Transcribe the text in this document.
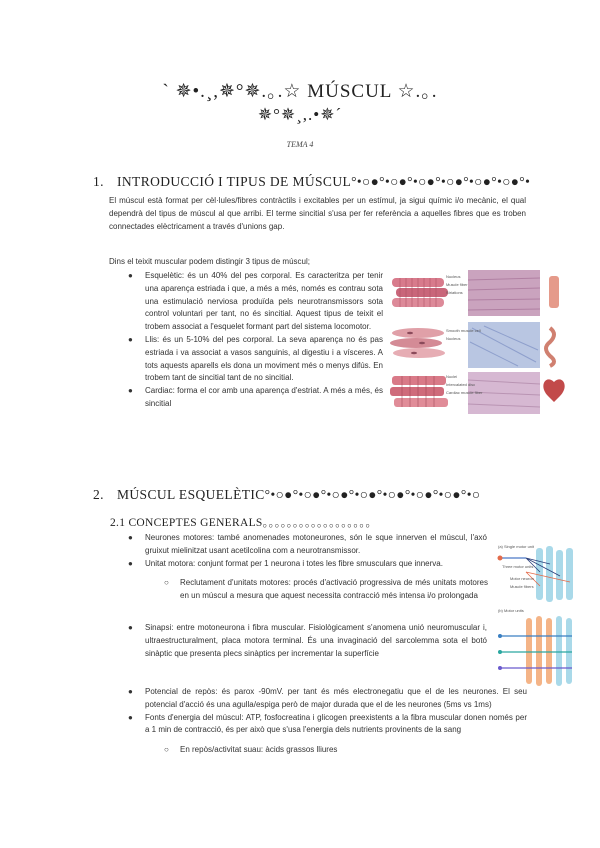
` ✵•.¸,✵°✵.｡.☆ MÚSCUL ☆.｡.
✵°✵¸,.•✵´
TEMA 4
1. INTRODUCCIÓ I TIPUS DE MÚSCUL°•○●°•○●°•○●°•○●°•○●°•○●°•
El múscul està format per cèl·lules/fibres contràctils i excitables per un estímul, ja sigui químic i/o mecànic, el qual dependrà del tipus de múscul al que arribi. El terme sincitial s'usa per fer referència a aquelles fibres que es troben connectades elèctricament a través d'unions gap.
Dins el teixit muscular podem distingir 3 tipus de múscul;
● Esquelètic: és un 40% del pes corporal. Es caracteritza per tenir una aparença estriada i que, a més a més, només es contrau sota una estimulació nerviosa produïda pels neurotransmissors sota control voluntari per tant, no és sincitial. Aquest tipus de teixit el trobem associat a l'esquelet formant part del sistema locomotor.
● Llis: és un 5-10% del pes corporal. La seva aparença no és pas estriada i va associat a vasos sanguinis, al digestiu i a vísceres. A tots aquests aparells els dona un moviment més o menys difús. En trobem tant de sincitial tant de no sincitial.
● Cardiac: forma el cor amb una aparença d'estriat. A més a més, és sincitial
Nucleus
Muscle fiber
Striations
Nuclei
Intercalated disc
Cardiac muscle fiber
Smooth muscle cell
Nucleus
2. MÚSCUL ESQUELÈTIC°•○●°•○●°•○●°•○●°•○●°•○●°•○●°•○
2.1 CONCEPTES GENERALS。。。。。。。。。。。。。。。。。。
● Neurones motores: també anomenades motoneurones, són le sque innerven el múscul, l'axó gruixut mielinitzat usant acetilcolina com a neurotransmissor.
● Unitat motora: conjunt format per 1 neurona i totes les fibre smusculars que innerva.
○ Reclutament d'unitats motores: procés d'activació progressiva de més unitats motores en un múscul a mesura que aquest necessita contracció més intensa i/o prolongada
● Sinapsi: entre motoneurona i fibra muscular. Fisiològicament s'anomena unió neuromuscular i, ultraestructuralment, placa motora terminal. És una invaginació del sarcolemma sota el botó sinàptic que presenta plecs sinàptics per incrementar la superfície
● Potencial de repòs: és parox -90mV. per tant és més electronegatiu que el de les neurones. El seu potencial d'acció és una agulla/espiga però de major durada que el de les neurones (5ms vs 1ms)
● Fonts d'energia del múscul: ATP, fosfocreatina i glicogen preexistents a la fibra muscular donen només per a 1 min de contracció, és per això que s'usa l'energia dels nutrients provinents de la sang
○ En repòs/activitat suau: àcids grassos lliures
(a) Single motor unit
Three motor units
Motor neuron
Muscle fibers
(b) Motor units
